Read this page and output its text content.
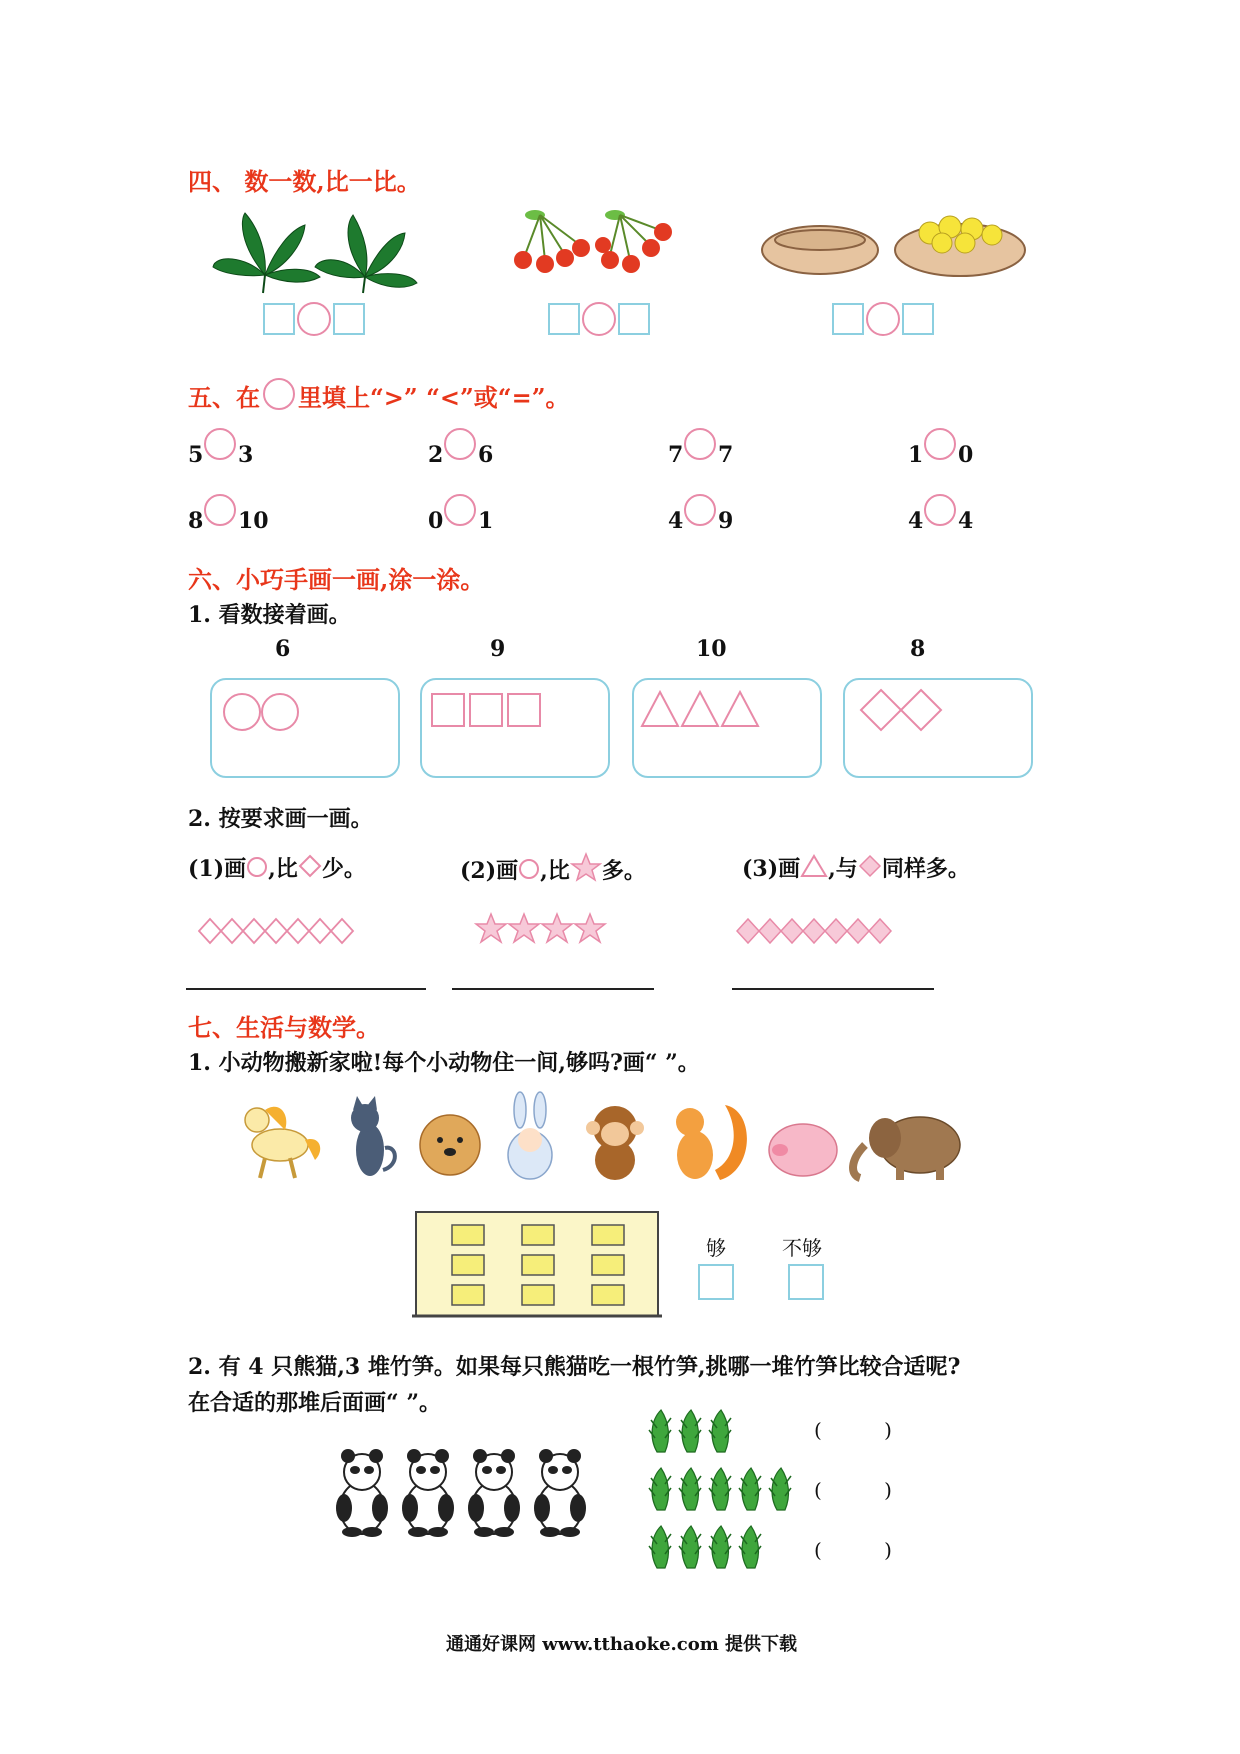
四、 数一数,比一比。
五、在 里填上“>” “<”或“=”。
5 3	2 6	7 7	1 0
8 10	0 1	4 9	4 4
六、小巧手画一画,涂一涂。
1. 看数接着画。
6	9	10	8
2. 按要求画一画。
(1)画 ,比 少。	(2)画 ,比 多。	(3)画 ,与 同样多。
七、生活与数学。
1. 小动物搬新家啦!每个小动物住一间,够吗?画“ ”。
够	不够
2. 有 4 只熊猫,3 堆竹笋。如果每只熊猫吃一根竹笋,挑哪一堆竹笋比较合适呢?
在合适的那堆后面画“ ”。
( )
( )
( )
通通好课网 www.tthaoke.com 提供下载
